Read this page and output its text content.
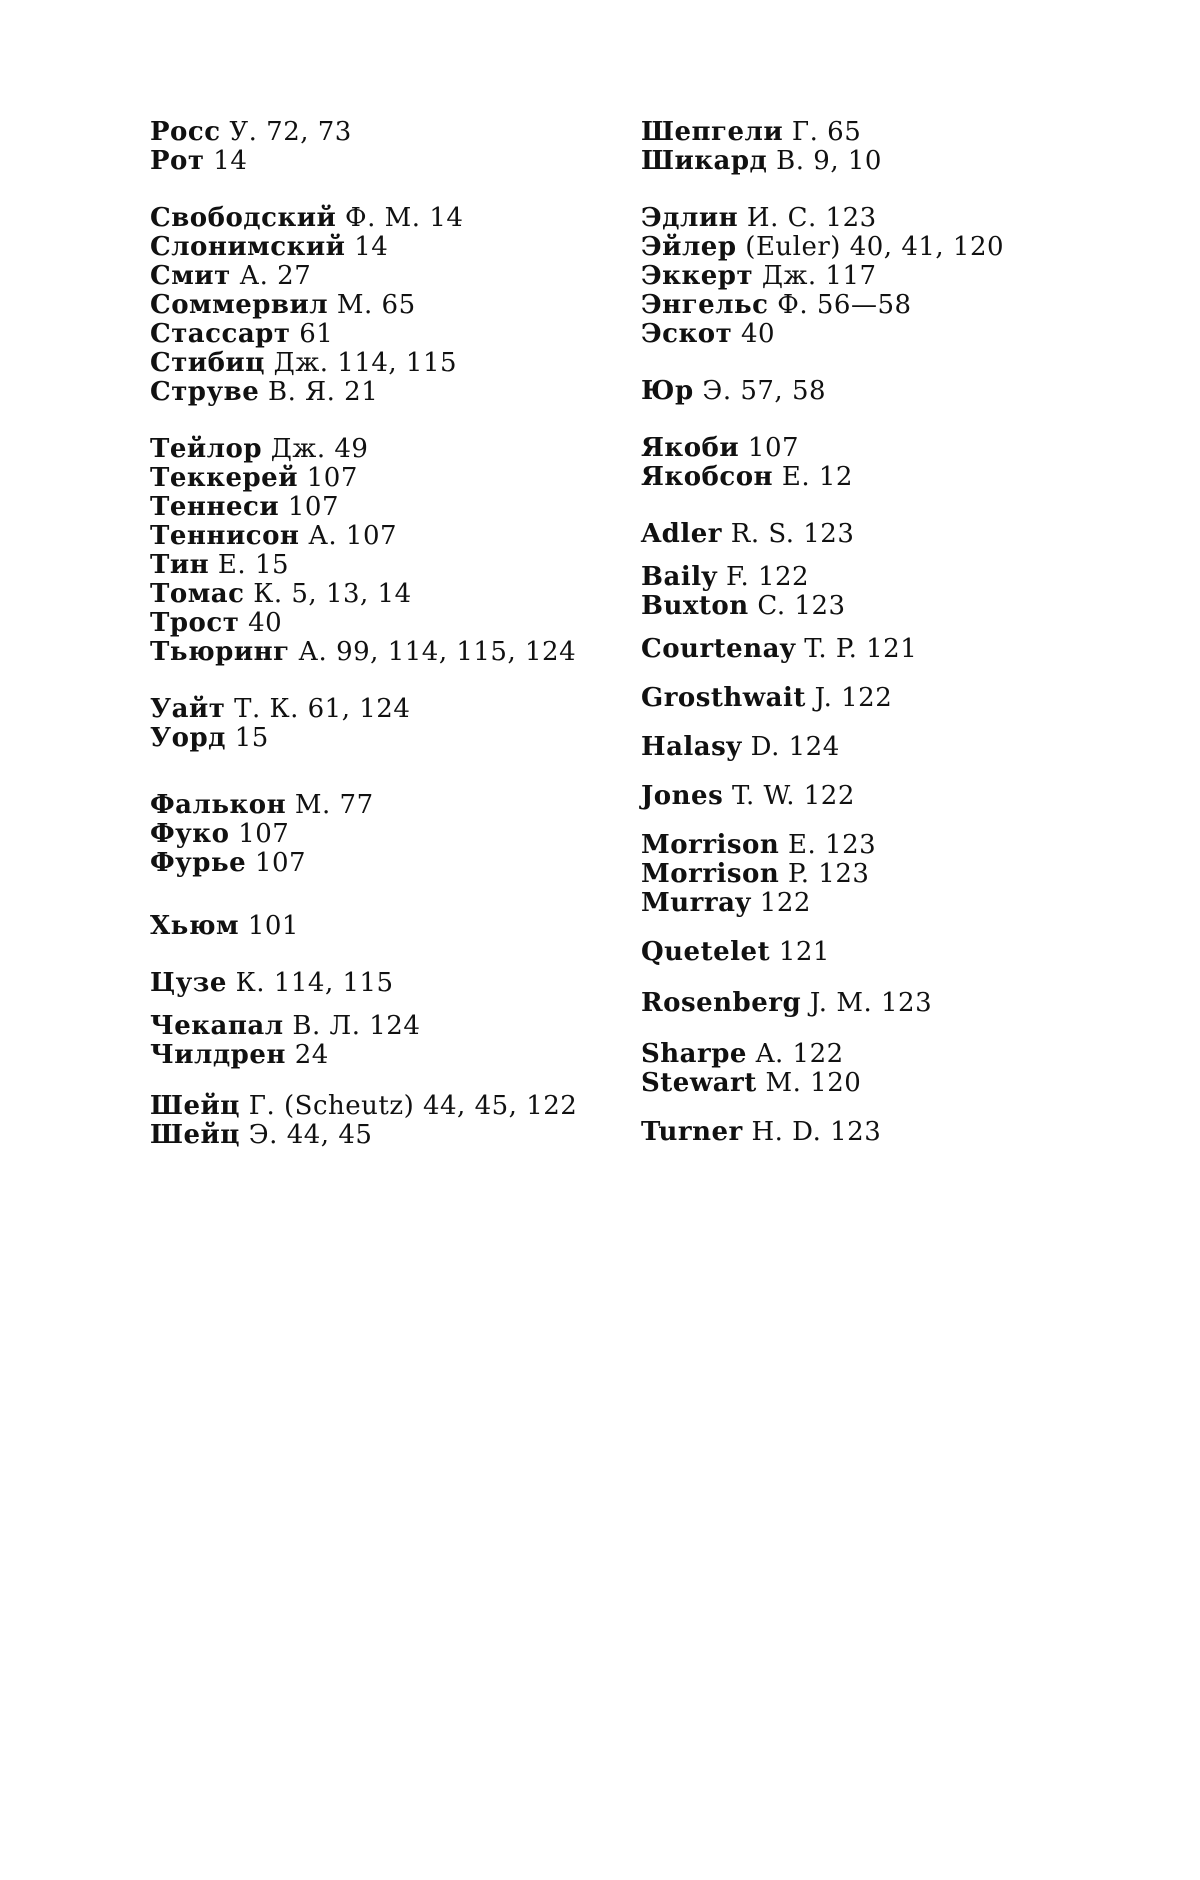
Росс У. 72, 73
Рот 14
Свободский Ф. М. 14
Слонимский 14
Смит А. 27
Соммервил М. 65
Стассарт 61
Стибиц Дж. 114, 115
Струве В. Я. 21
Тейлор Дж. 49
Теккерей 107
Теннеси 107
Теннисон А. 107
Тин Е. 15
Томас К. 5, 13, 14
Трост 40
Тьюринг А. 99, 114, 115, 124
Уайт Т. К. 61, 124
Уорд 15
Фалькон М. 77
Фуко 107
Фурье 107
Хьюм 101
Цузе К. 114, 115
Чекапал В. Л. 124
Чилдрен 24
Шейц Г. (Scheutz) 44, 45, 122
Шейц Э. 44, 45
Шепгели Г. 65
Шикард В. 9, 10
Эдлин И. С. 123
Эйлер (Euler) 40, 41, 120
Эккерт Дж. 117
Энгельс Ф. 56—58
Эскот 40
Юр Э. 57, 58
Якоби 107
Якобсон Е. 12
Adler R. S. 123
Baily F. 122
Buxton C. 123
Courtenay T. P. 121
Grosthwait J. 122
Halasy D. 124
Jones T. W. 122
Morrison E. 123
Morrison P. 123
Murray 122
Quetelet 121
Rosenberg J. M. 123
Sharpe A. 122
Stewart M. 120
Turner H. D. 123
